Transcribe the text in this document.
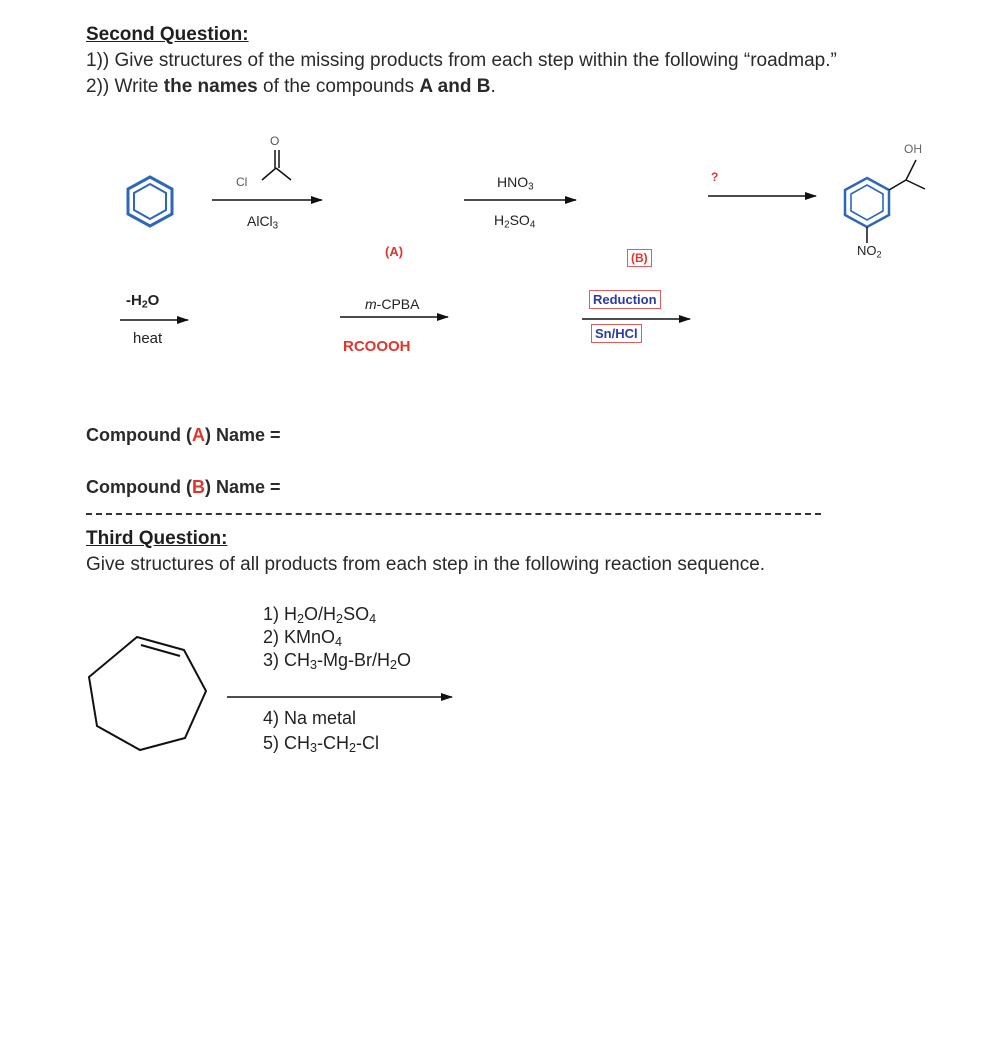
Second Question:
1)) Give structures of the missing products from each step within the following “roadmap.”
2)) Write the names of the compounds A and B.
Cl
O
AlCl$_3$
$HNO_3$
$H_2SO_4$
?
OH
$NO_2$
(A)	(B)
$-H_2O$
heat
m-CPBA
RCOOOH
Reduction
Sn/HCl
Compound (A) Name =
Compound (B) Name =
Third Question:
Give structures of all products from each step in the following reaction sequence.
1) $H_2O/H_2SO_4$
2) KMnO$_4$
3) $CH_3-Mg-Br/H_2O$
4) Na metal
5) $CH_3-CH_2-Cl$
